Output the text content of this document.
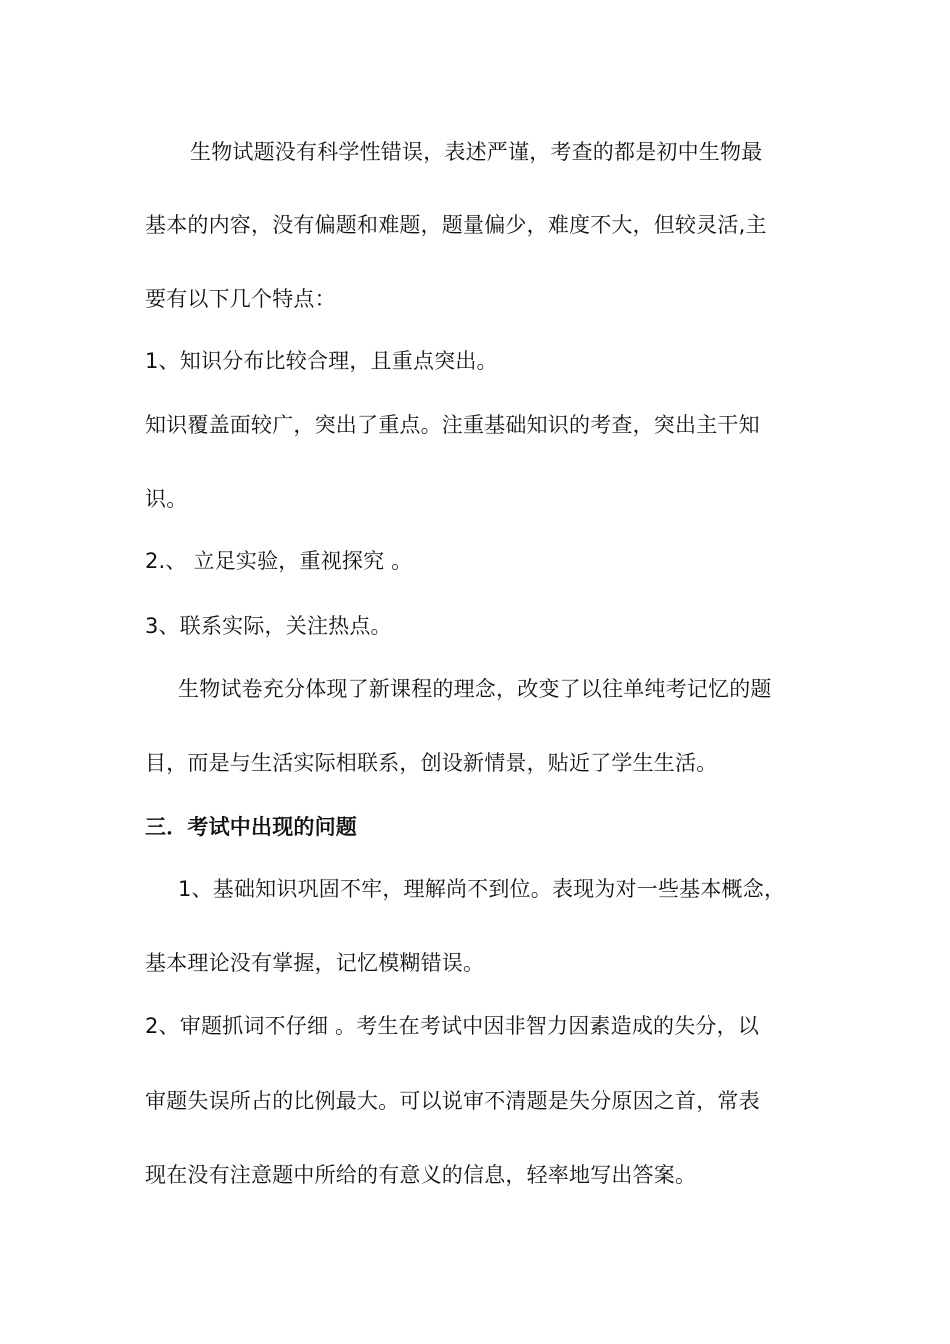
生物试题没有科学性错误，表述严谨，考查的都是初中生物最
基本的内容，没有偏题和难题，题量偏少，难度不大，但较灵活,主
要有以下几个特点：
1、知识分布比较合理，且重点突出。
知识覆盖面较广，突出了重点。注重基础知识的考查，突出主干知
识。
2.、 立足实验，重视探究 。
3、联系实际，关注热点。
生物试卷充分体现了新课程的理念，改变了以往单纯考记忆的题
目，而是与生活实际相联系，创设新情景，贴近了学生生活。
三．考试中出现的问题
1、基础知识巩固不牢，理解尚不到位。表现为对一些基本概念，
基本理论没有掌握，记忆模糊错误。
2、审题抓词不仔细 。考生在考试中因非智力因素造成的失分，以
审题失误所占的比例最大。可以说审不清题是失分原因之首，常表
现在没有注意题中所给的有意义的信息，轻率地写出答案。
